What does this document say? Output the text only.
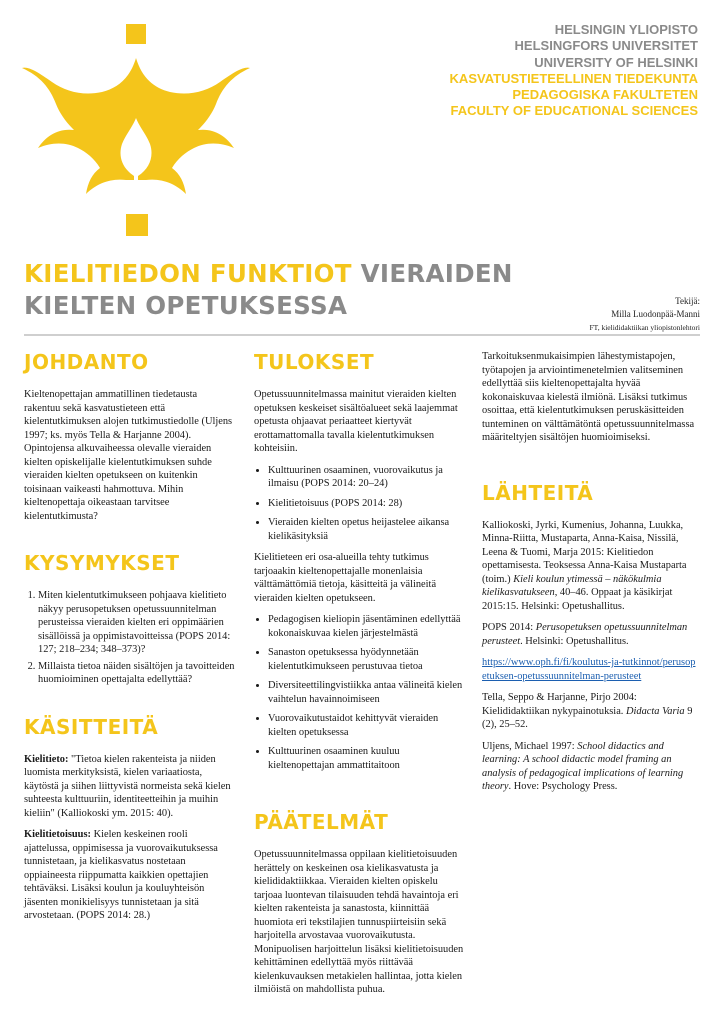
HELSINGIN YLIOPISTO
HELSINGFORS UNIVERSITET
UNIVERSITY OF HELSINKI
KASVATUSTIETEELLINEN TIEDEKUNTA
PEDAGOGISKA FAKULTETEN
FACULTY OF EDUCATIONAL SCIENCES
KIELITIEDON FUNKTIOT VIERAIDEN
KIELTEN OPETUKSESSA	Tekijä:
Milla Luodonpää-Manni
FT, kielididaktiikan yliopistonlehtori
JOHDANTO

Kieltenopettajan ammatillinen tiedetausta rakentuu sekä kasvatustieteen että kielentutkimuksen alojen tutkimustiedolle (Uljens 1997; ks. myös Tella & Harjanne 2004). Opintojensa alkuvaiheessa olevalle vieraiden kielten opiskelijalle kielentutkimuksen suhde vieraiden kielten opetukseen on kuitenkin toisinaan vaikeasti hahmottuva. Mihin kieltenopettaja oikeastaan tarvitsee kielentutkimusta?

KYSYMYKSET
1. Miten kielentutkimukseen pohjaava kielitieto näkyy perusopetuksen opetussuunnitelman perusteissa vieraiden kielten eri oppimäärien sisällöissä ja oppimistavoitteissa (POPS 2014: 127; 218–234; 348–373)?
2. Millaista tietoa näiden sisältöjen ja tavoitteiden huomioiminen opettajalta edellyttää?
KÄSITTEITÄ

Kielitieto: "Tietoa kielen rakenteista ja niiden luomista merkityksistä, kielen variaatiosta, käytöstä ja siihen liittyvistä normeista sekä kielen suhteesta kulttuuriin, identiteetteihin ja muihin kieliin" (Kalliokoski ym. 2015: 40).

Kielitietoisuus: Kielen keskeinen rooli ajattelussa, oppimisessa ja vuorovaikutuksessa tunnistetaan, ja kielikasvatus nostetaan oppiaineesta riippumatta kaikkien opettajien tehtäväksi. Lisäksi koulun ja kouluyhteisön jäsenten monikielisyys tunnistetaan ja sitä arvostetaan. (POPS 2014: 28.)

TULOKSET

Opetussuunnitelmassa mainitut vieraiden kielten opetuksen keskeiset sisältöalueet sekä laajemmat opetusta ohjaavat periaatteet kiertyvät erottamattomalla tavalla kielentutkimuksen kohteisiin.

• Kulttuurinen osaaminen, vuorovaikutus ja ilmaisu (POPS 2014: 20–24)
• Kielitietoisuus (POPS 2014: 28)
• Vieraiden kielten opetus heijastelee aikansa kielikäsityksiä

Kielitieteen eri osa-alueilla tehty tutkimus tarjoaakin kieltenopettajalle monenlaisia välttämättömiä tietoja, käsitteitä ja välineitä vieraiden kielten opetukseen.

• Pedagogisen kieliopin jäsentäminen edellyttää kokonaiskuvaa kielen järjestelmästä
• Sanaston opetuksessa hyödynnetään kielentutkimukseen perustuvaa tietoa
• Diversiteettilingvistiikka antaa välineitä kielen vaihtelun havainnoimiseen
• Vuorovaikutustaidot kehittyvät vieraiden kielten opetuksessa
• Kulttuurinen osaaminen kuuluu kieltenopettajan ammattitaitoon
PÄÄTELMÄT

Opetussuunnitelmassa oppilaan kielitietoisuuden herättely on keskeinen osa kielikasvatusta ja kielididaktiikkaa. Vieraiden kielten opiskelu tarjoaa luontevan tilaisuuden tehdä havaintoja eri kielten rakenteista ja sanastosta, kiinnittää huomiota eri tekstilajien tunnuspiirteisiin sekä harjoitella arvostavaa vuorovaikutusta. Monipuolisen harjoittelun lisäksi kielitietoisuuden kehittäminen edellyttää myös riittävää kielenkuvauksen metakielen hallintaa, jotta kielen ilmiöistä on mahdollista puhua.

Tarkoituksenmukaisimpien lähestymistapojen, työtapojen ja arviointimenetelmien valitseminen edellyttää siis kieltenopettajalta hyvää kokonaiskuvaa kielestä ilmiönä. Lisäksi tutkimus osoittaa, että kielentutkimuksen peruskäsitteiden tunteminen on välttämätöntä opetussuunnitelmassa määriteltyjen sisältöjen huomioimiseksi.

LÄHTEITÄ

Kalliokoski, Jyrki, Kumenius, Johanna, Luukka, Minna-Riitta, Mustaparta, Anna-Kaisa, Nissilä, Leena & Tuomi, Marja 2015: Kielitiedon opettamisesta. Teoksessa Anna-Kaisa Mustaparta (toim.) Kieli koulun ytimessä – näkökulmia kielikasvatukseen, 40–46. Oppaat ja käsikirjat 2015:15. Helsinki: Opetushallitus.

POPS 2014: Perusopetuksen opetussuunnitelman perusteet. Helsinki: Opetushallitus.

https://www.oph.fi/fi/koulutus-ja-tutkinnot/perusopetuksen-opetussuunnitelman-perusteet

Tella, Seppo & Harjanne, Pirjo 2004: Kielididaktiikan nykypainotuksia. Didacta Varia 9 (2), 25–52.

Uljens, Michael 1997: School didactics and learning: A school didactic model framing an analysis of pedagogical implications of learning theory. Hove: Psychology Press.
